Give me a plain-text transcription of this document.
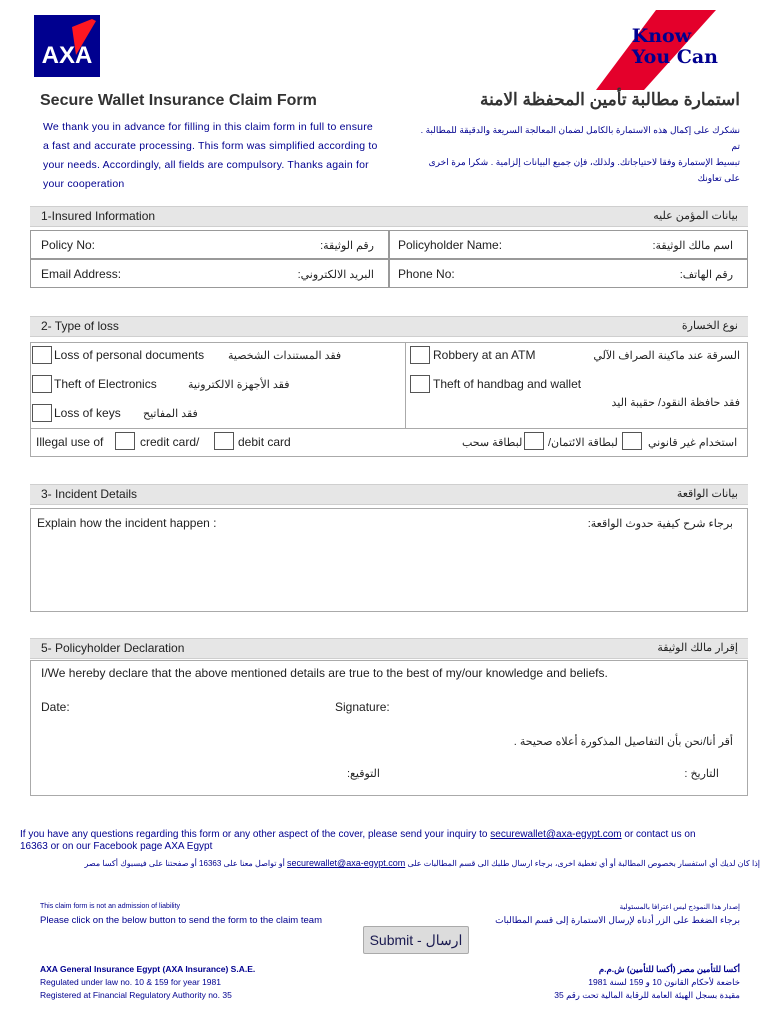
AXA
Know
You Can
Secure Wallet Insurance Claim Form	استمارة مطالبة تأمين المحفظة الامنة
We thank you in advance for filling in this claim form in full to ensure
a fast and accurate processing. This form was simplified according to
your needs. Accordingly, all fields are compulsory. Thanks again for
your cooperation
نشكرك على إكمال هذه الاستمارة بالكامل لضمان المعالجة السريعة والدقيقة للمطالبة . تم
تبسيط الإستمارة وفقا لاحتياجاتك. ولذلك، فإن جميع البيانات إلزامية . شكرا مرة اخرى
على تعاونك
1-Insured Information	بيانات المؤمن عليه
Policy No:	رقم الوثيقة: Policyholder Name:	اسم مالك الوثيقة:
Email Address:	البريد الالكتروني: Phone No:	رقم الهاتف:
2- Type of loss	نوع الخسارة
Loss of personal documents فقد المستندات الشخصية	Robbery at an ATM	السرقة عند ماكينة الصراف الآلي
Theft of Electronics	فقد الأجهزة الالكترونية	Theft of handbag and wallet
فقد حافظة النقود/ حقيبة اليد
Loss of keys فقد المفاتيح
Illegal use of	credit card/	debit card	لبطاقة سحب لبطاقة الائتمان/	استخدام غير قانوني
3- Incident Details	بيانات الواقعة
Explain how the incident happen :	برجاء شرح كيفية حدوث الواقعة:
5- Policyholder Declaration	إقرار مالك الوثيقة
I/We hereby declare that the above mentioned details are true to the best of my/our knowledge and beliefs.
Date:	Signature:
أقر أنا/نحن بأن التفاصيل المذكورة أعلاه صحيحة .
التاريخ :
التوقيع:
If you have any questions regarding this form or any other aspect of the cover, please send your inquiry to securewallet@axa-egypt.com or contact us on
16363 or on our Facebook page AXA Egypt
إذا كان لديك أي استفسار بخصوص المطالبة أو أي تغطية اخرى، برجاء ارسال طلبك الى قسم المطالبات على securewallet@axa-egypt.com أو تواصل معنا على 16363 أو صفحتنا على فيسبوك أكسا مصر
This claim form is not an admission of liability	إصدار هذا النموذج ليس اعترافا بالمسئولية
Please click on the below button to send the form to the claim team	برجاء الضغط على الزر أدناه لإرسال الاستمارة إلى قسم المطالبات
Submit - ارسال
AXA General Insurance Egypt (AXA Insurance) S.A.E.
Regulated under law no. 10 & 159 for year 1981
Registered at Financial Regulatory Authority no. 35
أكسا للتأمين مصر (أكسا للتأمين) ش.م.م
خاضعة لأحكام القانون 10 و 159 لسنة 1981
مقيدة بسجل الهيئة العامة للرقابة المالية تحت رقم 35
